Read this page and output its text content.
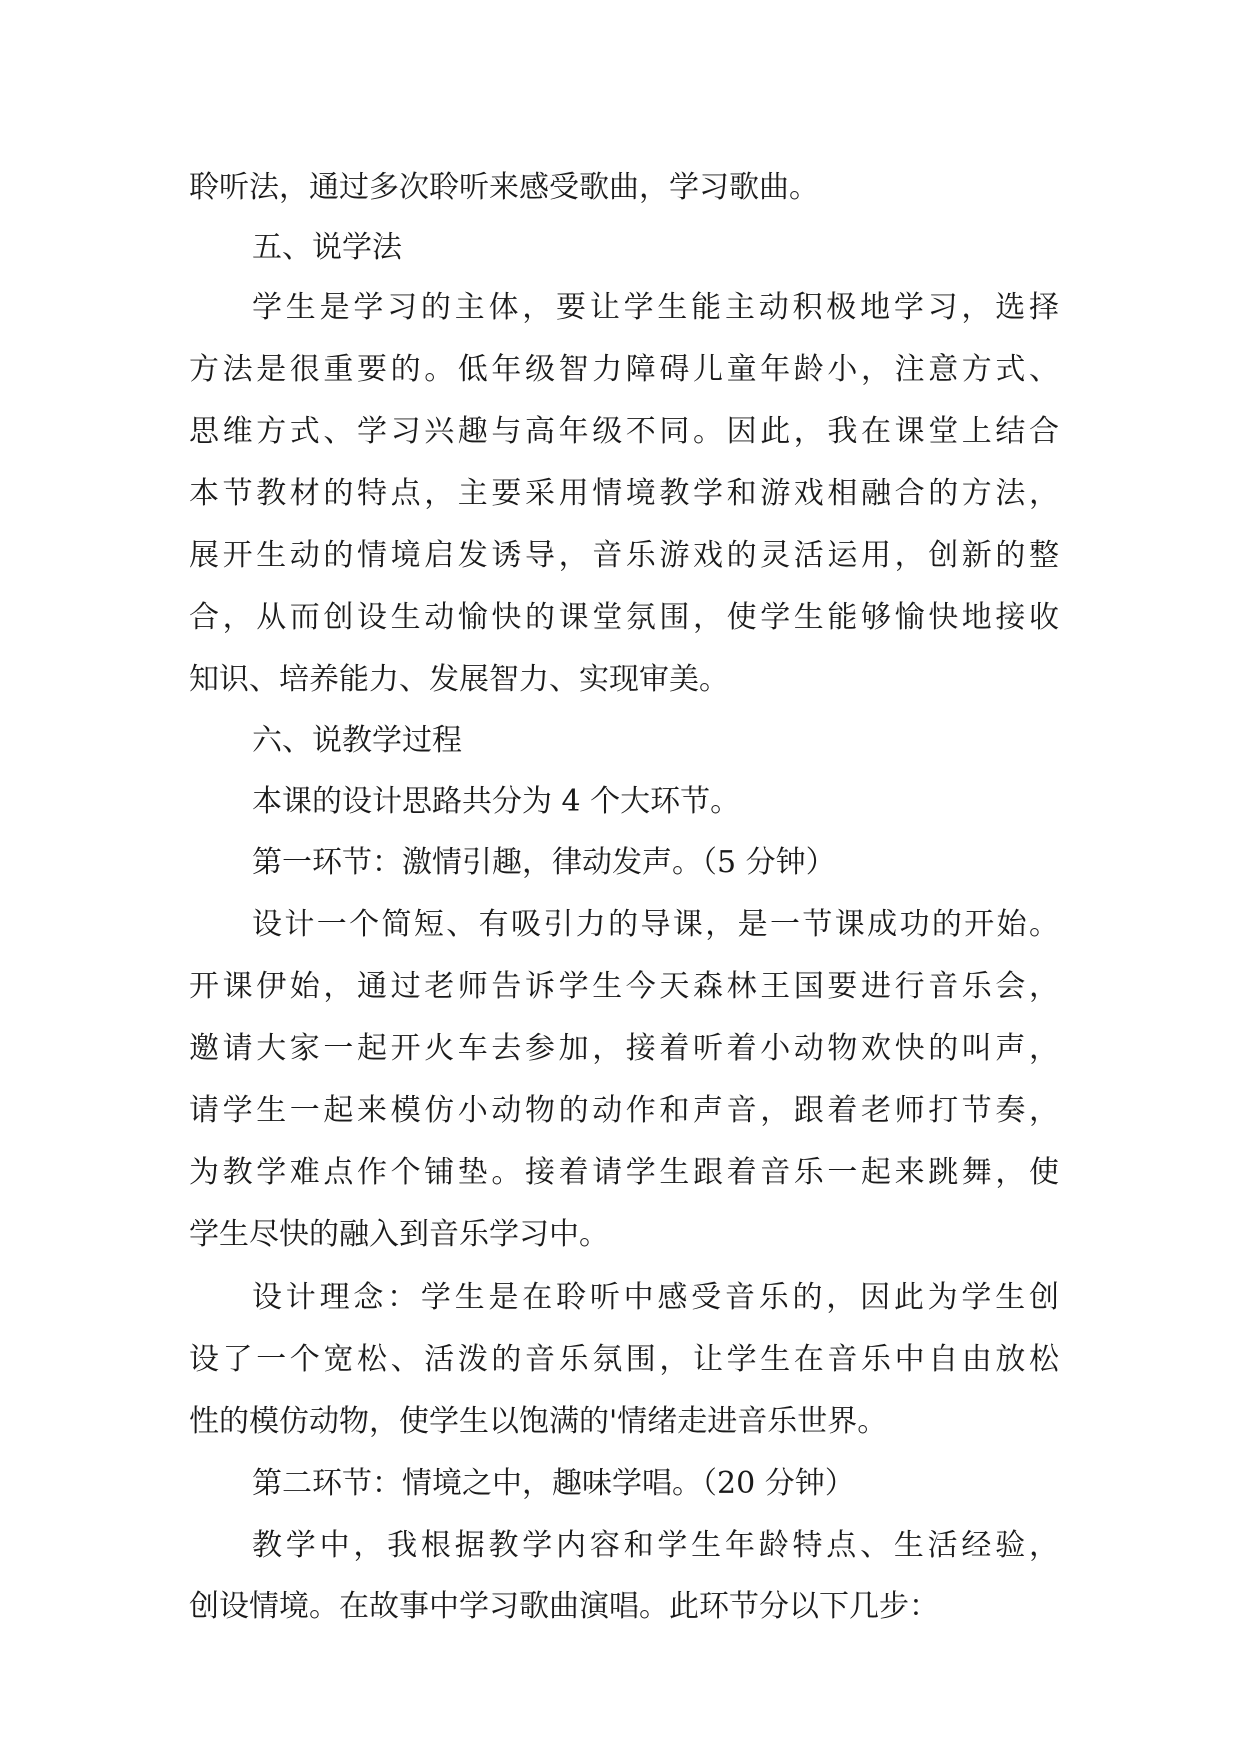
聆听法，通过多次聆听来感受歌曲，学习歌曲。
五、说学法
学生是学习的主体，要让学生能主动积极地学习，选择
方法是很重要的。低年级智力障碍儿童年龄小，注意方式、
思维方式、学习兴趣与高年级不同。因此，我在课堂上结合
本节教材的特点，主要采用情境教学和游戏相融合的方法，
展开生动的情境启发诱导，音乐游戏的灵活运用，创新的整
合，从而创设生动愉快的课堂氛围，使学生能够愉快地接收
知识、培养能力、发展智力、实现审美。
六、说教学过程
本课的设计思路共分为 4 个大环节。
第一环节：激情引趣，律动发声。（5 分钟）
设计一个简短、有吸引力的导课，是一节课成功的开始。
开课伊始，通过老师告诉学生今天森林王国要进行音乐会，
邀请大家一起开火车去参加，接着听着小动物欢快的叫声，
请学生一起来模仿小动物的动作和声音，跟着老师打节奏，
为教学难点作个铺垫。接着请学生跟着音乐一起来跳舞，使
学生尽快的融入到音乐学习中。
设计理念：学生是在聆听中感受音乐的，因此为学生创
设了一个宽松、活泼的音乐氛围，让学生在音乐中自由放松
性的模仿动物，使学生以饱满的'情绪走进音乐世界。
第二环节：情境之中，趣味学唱。（20 分钟）
教学中，我根据教学内容和学生年龄特点、生活经验，
创设情境。在故事中学习歌曲演唱。此环节分以下几步：
